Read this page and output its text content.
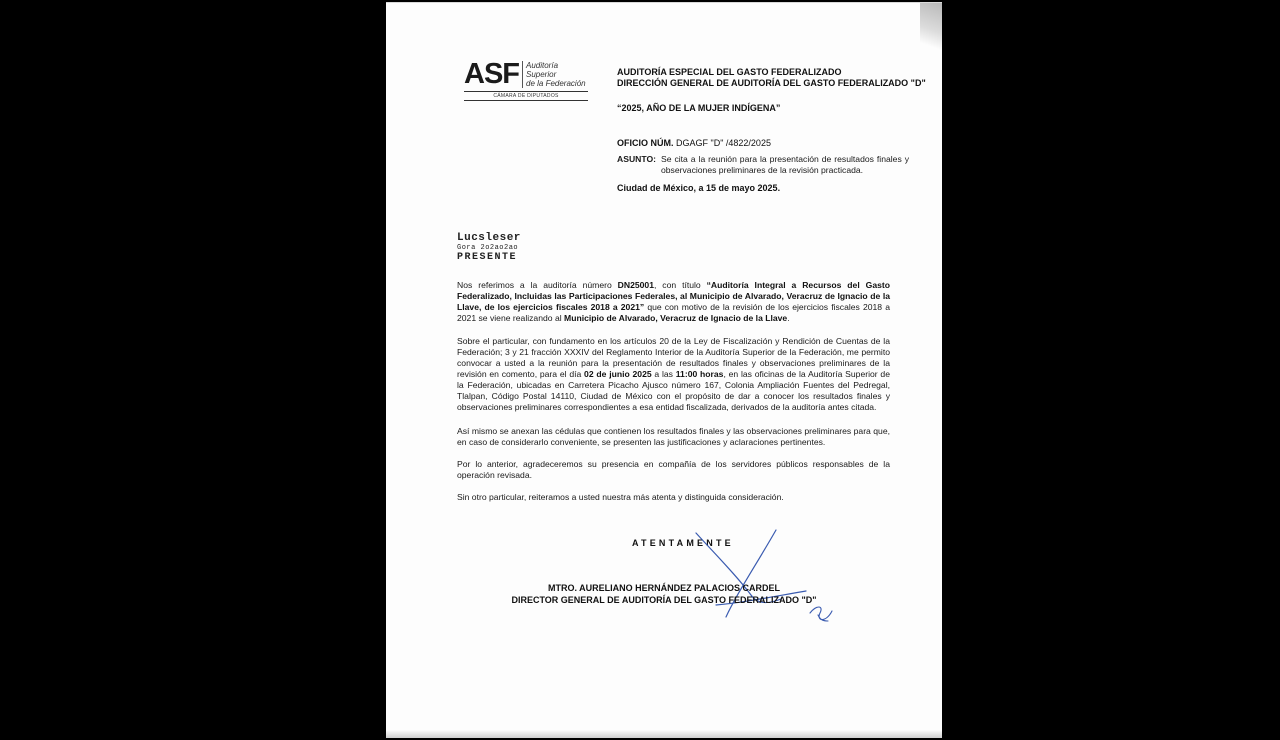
ASF Auditoría
Superior
de la Federación
CÁMARA DE DIPUTADOS
AUDITORÍA ESPECIAL DEL GASTO FEDERALIZADO
DIRECCIÓN GENERAL DE AUDITORÍA DEL GASTO FEDERALIZADO "D"
“2025, AÑO DE LA MUJER INDÍGENA”
OFICIO NÚM. DGAGF "D" /4822/2025
ASUNTO: Se cita a la reunión para la presentación de resultados finales y observaciones preliminares de la revisión practicada.
Ciudad de México, a 15 de mayo 2025.
Lucsleser
Gora 2o2ao2ao
PRESENTE
Nos referimos a la auditoría número DN25001, con título “Auditoría Integral a Recursos del Gasto Federalizado, Incluidas las Participaciones Federales, al Municipio de Alvarado, Veracruz de Ignacio de la Llave, de los ejercicios fiscales 2018 a 2021” que con motivo de la revisión de los ejercicios fiscales 2018 a 2021 se viene realizando al Municipio de Alvarado, Veracruz de Ignacio de la Llave.
Sobre el particular, con fundamento en los artículos 20 de la Ley de Fiscalización y Rendición de Cuentas de la Federación; 3 y 21 fracción XXXIV del Reglamento Interior de la Auditoría Superior de la Federación, me permito convocar a usted a la reunión para la presentación de resultados finales y observaciones preliminares de la revisión en comento, para el día 02 de junio 2025 a las 11:00 horas, en las oficinas de la Auditoría Superior de la Federación, ubicadas en Carretera Picacho Ajusco número 167, Colonia Ampliación Fuentes del Pedregal, Tlalpan, Código Postal 14110, Ciudad de México con el propósito de dar a conocer los resultados finales y observaciones preliminares correspondientes a esa entidad fiscalizada, derivados de la auditoría antes citada.
Así mismo se anexan las cédulas que contienen los resultados finales y las observaciones preliminares para que, en caso de considerarlo conveniente, se presenten las justificaciones y aclaraciones pertinentes.
Por lo anterior, agradeceremos su presencia en compañía de los servidores públicos responsables de la operación revisada.
Sin otro particular, reiteramos a usted nuestra más atenta y distinguida consideración.
ATENTAMENTE
MTRO. AURELIANO HERNÁNDEZ PALACIOS CARDEL
DIRECTOR GENERAL DE AUDITORÍA DEL GASTO FEDERALIZADO "D"
